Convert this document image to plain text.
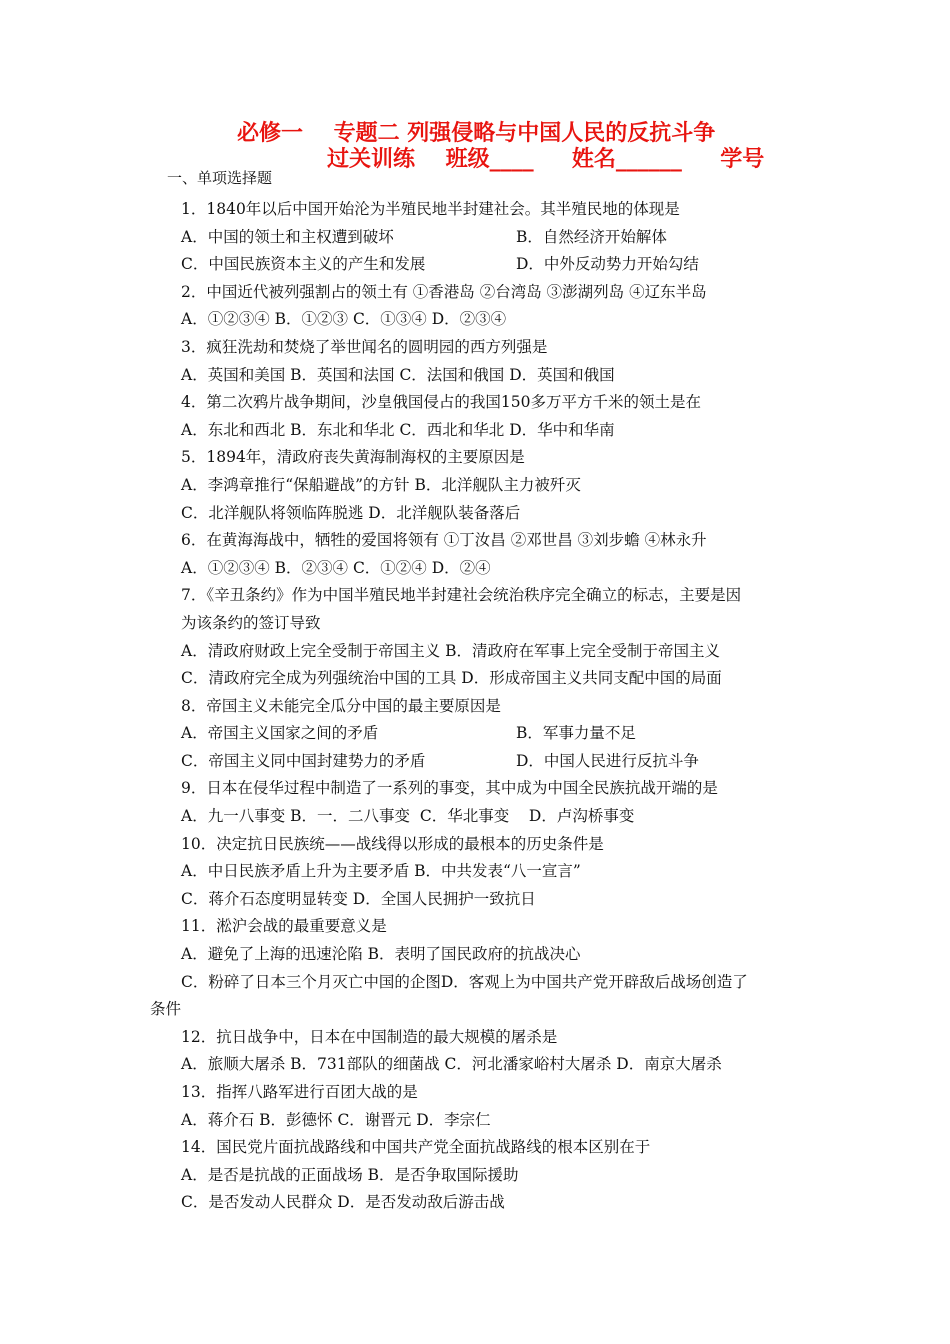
必修一    专题二 列强侵略与中国人民的反抗斗争
过关训练    班级____     姓名______     学号
一、单项选择题
1．1840年以后中国开始沦为半殖民地半封建社会。其半殖民地的体现是
A．中国的领土和主权遭到破坏	B．自然经济开始解体
C．中国民族资本主义的产生和发展	D．中外反动势力开始勾结
2．中国近代被列强割占的领土有 ①香港岛 ②台湾岛 ③澎湖列岛 ④辽东半岛
A．①②③④ B．①②③ C．①③④ D．②③④
3．疯狂洗劫和焚烧了举世闻名的圆明园的西方列强是
A．英国和美国 B．英国和法国 C．法国和俄国 D．英国和俄国
4．第二次鸦片战争期间，沙皇俄国侵占的我国150多万平方千米的领土是在
A．东北和西北 B．东北和华北 C．西北和华北 D．华中和华南
5．1894年，清政府丧失黄海制海权的主要原因是
A．李鸿章推行“保船避战”的方针 B．北洋舰队主力被歼灭
C．北洋舰队将领临阵脱逃 D．北洋舰队装备落后
6．在黄海海战中，牺牲的爱国将领有 ①丁汝昌 ②邓世昌 ③刘步蟾 ④林永升
A．①②③④ B．②③④ C．①②④ D．②④
7．《辛丑条约》作为中国半殖民地半封建社会统治秩序完全确立的标志，主要是因
为该条约的签订导致
A．清政府财政上完全受制于帝国主义 B．清政府在军事上完全受制于帝国主义
C．清政府完全成为列强统治中国的工具 D．形成帝国主义共同支配中国的局面
8．帝国主义未能完全瓜分中国的最主要原因是
A．帝国主义国家之间的矛盾	B．军事力量不足
C．帝国主义同中国封建势力的矛盾	D．中国人民进行反抗斗争
9．日本在侵华过程中制造了一系列的事变，其中成为中国全民族抗战开端的是
A．九一八事变 B．一．二八事变  C．华北事变    D．卢沟桥事变
10．决定抗日民族统——战线得以形成的最根本的历史条件是
A．中日民族矛盾上升为主要矛盾 B．中共发表“八一宣言”
C．蒋介石态度明显转变 D．全国人民拥护一致抗日
11．淞沪会战的最重要意义是
A．避免了上海的迅速沦陷 B．表明了国民政府的抗战决心
C．粉碎了日本三个月灭亡中国的企图D．客观上为中国共产党开辟敌后战场创造了
条件
12．抗日战争中，日本在中国制造的最大规模的屠杀是
A．旅顺大屠杀 B．731部队的细菌战 C．河北潘家峪村大屠杀 D．南京大屠杀
13．指挥八路军进行百团大战的是
A．蒋介石 B．彭德怀 C．谢晋元 D．李宗仁
14．国民党片面抗战路线和中国共产党全面抗战路线的根本区别在于
A．是否是抗战的正面战场 B．是否争取国际援助
C．是否发动人民群众 D．是否发动敌后游击战
